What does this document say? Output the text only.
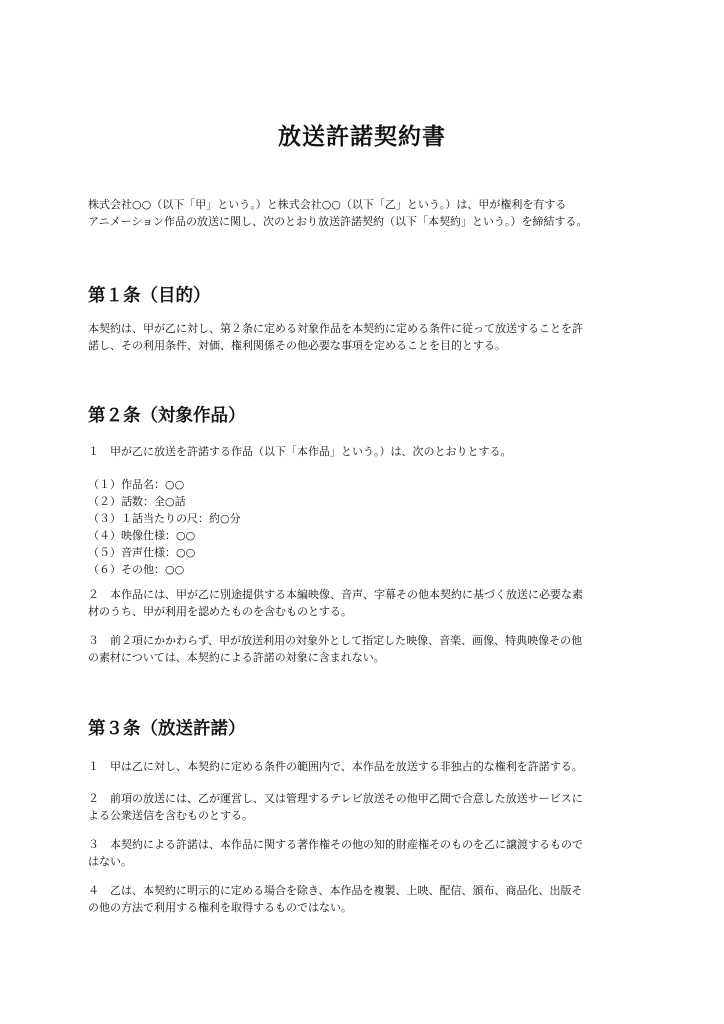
放送許諾契約書

株式会社○○（以下「甲」という。）と株式会社○○（以下「乙」という。）は、甲が権利を有する
アニメーション作品の放送に関し、次のとおり放送許諾契約（以下「本契約」という。）を締結する。

第１条（目的）

本契約は、甲が乙に対し、第２条に定める対象作品を本契約に定める条件に従って放送することを許
諾し、その利用条件、対価、権利関係その他必要な事項を定めることを目的とする。

第２条（対象作品）

１　甲が乙に放送を許諾する作品（以下「本作品」という。）は、次のとおりとする。

（１）作品名：○○
（２）話数：全○話
（３）１話当たりの尺：約○分
（４）映像仕様：○○
（５）音声仕様：○○
（６）その他：○○

２　本作品には、甲が乙に別途提供する本編映像、音声、字幕その他本契約に基づく放送に必要な素
材のうち、甲が利用を認めたものを含むものとする。

３　前２項にかかわらず、甲が放送利用の対象外として指定した映像、音楽、画像、特典映像その他
の素材については、本契約による許諾の対象に含まれない。

第３条（放送許諾）

１　甲は乙に対し、本契約に定める条件の範囲内で、本作品を放送する非独占的な権利を許諾する。

２　前項の放送には、乙が運営し、又は管理するテレビ放送その他甲乙間で合意した放送サービスに
よる公衆送信を含むものとする。

３　本契約による許諾は、本作品に関する著作権その他の知的財産権そのものを乙に譲渡するもので
はない。

４　乙は、本契約に明示的に定める場合を除き、本作品を複製、上映、配信、頒布、商品化、出版そ
の他の方法で利用する権利を取得するものではない。
